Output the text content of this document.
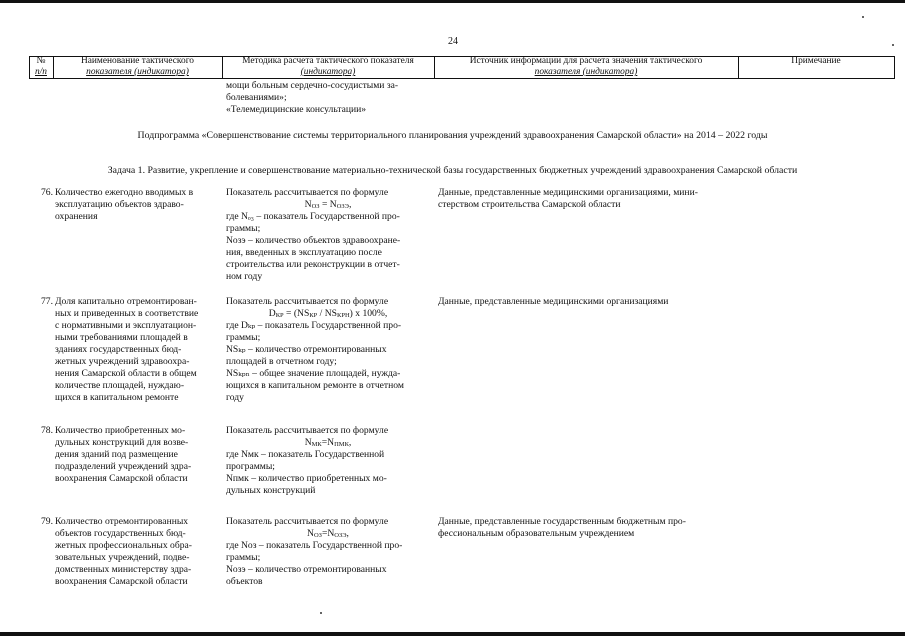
24
№
п/п
Наименование тактического
показателя (индикатора)
Методика расчета тактического показателя
(индикатора)
Источник информации для расчета значения тактического
показателя (индикатора)
Примечание
мощи больным сердечно-сосудистыми за-
болеваниями»;
«Телемедицинские консультации»
Подпрограмма «Совершенствование системы территориального планирования учреждений здравоохранения Самарской области» на 2014 – 2022 годы
Задача 1. Развитие, укрепление и совершенствование материально-технической базы государственных бюджетных учреждений здравоохранения Самарской области
76. Количество ежегодно вводимых в
эксплуатацию объектов здраво-
охранения
Показатель рассчитывается по формуле
$N_{ОЗ} = N_{ОЗЭ}$,
где Nₒ₃ – показатель Государственной про-
граммы;
Nозэ – количество объектов здравоохране-
ния, введенных в эксплуатацию после
строительства или реконструкции в отчет-
ном году
Данные, представленные медицинскими организациями, мини-
стерством строительства Самарской области
77. Доля капитально отремонтирован-
ных и приведенных в соответствие
с нормативными и эксплуатацион-
ными требованиями площадей в
зданиях государственных бюд-
жетных учреждений здравоохра-
нения Самарской области в общем
количестве площадей, нуждаю-
щихся в капитальном ремонте
Показатель рассчитывается по формуле
$D_{КР} = (NS_{КР} / NS_{КРН})$ х 100%,
где Dₖₚ – показатель Государственной про-
граммы;
NSₖₚ – количество отремонтированных
площадей в отчетном году;
NSₖₚₙ – общее значение площадей, нужда-
ющихся в капитальном ремонте в отчетном
году
Данные, представленные медицинскими организациями
78. Количество приобретенных мо-
дульных конструкций для возве-
дения зданий под размещение
подразделений учреждений здра-
воохранения Самарской области
Показатель рассчитывается по формуле
$N_{МК}=N_{ПМК}$,
где Nмк – показатель Государственной
программы;
Nпмк – количество приобретенных мо-
дульных конструкций
79. Количество отремонтированных
объектов государственных бюд-
жетных профессиональных обра-
зовательных учреждений, подве-
домственных министерству здра-
воохранения Самарской области
Показатель рассчитывается по формуле
$N_{ОЗ}=N_{ОЗЭ}$,
где Nоз – показатель Государственной про-
граммы;
Nозэ – количество отремонтированных
объектов
Данные, представленные государственным бюджетным про-
фессиональным образовательным учреждением
